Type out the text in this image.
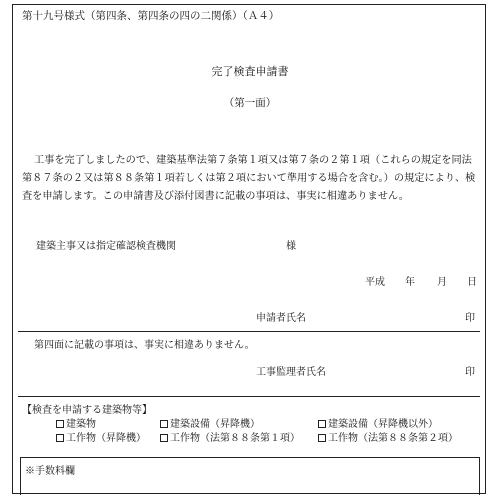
第十九号様式（第四条、第四条の四の二関係）（Ａ４）
完了検査申請書
（第一面）
工事を完了しましたので、建築基準法第７条第１項又は第７条の２第１項（これらの規定を同法第８７条の２又は第８８条第１項若しくは第２項において準用する場合を含む。）の規定により、検査を申請します。この申請書及び添付図書に記載の事項は、事実に相違ありません。
建築主事又は指定確認検査機関	様
平成 年 月 日
申請者氏名	印
第四面に記載の事項は、事実に相違ありません。
工事監理者氏名	印
【検査を申請する建築物等】
建築物	建築設備（昇降機）	建築設備（昇降機以外）
工作物（昇降機）	工作物（法第８８条第１項）	工作物（法第８８条第２項）
※手数料欄
